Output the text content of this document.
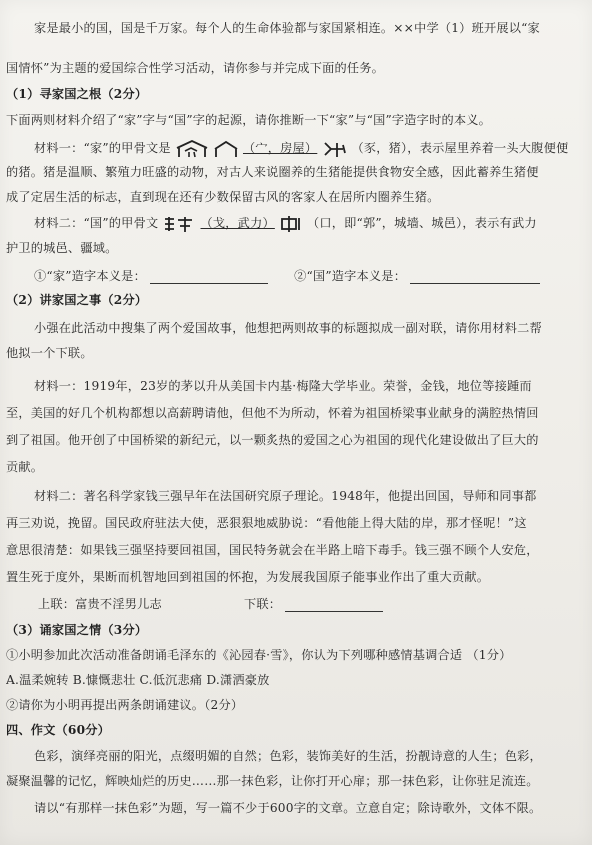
家是最小的国，国是千万家。每个人的生命体验都与家国紧相连。××中学（1）班开展以“家
国情怀”为主题的爱国综合性学习活动，请你参与并完成下面的任务。
（1）寻家国之根（2分）
下面两则材料介绍了“家”字与“国”字的起源，请你推断一下“家”与“国”字造字时的本义。
材料一：“家”的甲骨文是	（宀，房屋）	（豕，猪），表示屋里养着一头大腹便便
的猪。猪是温顺、繁殖力旺盛的动物，对古人来说圈养的生猪能提供食物安全感，因此蓄养生猪便
成了定居生活的标志，直到现在还有少数保留古风的客家人在居所内圈养生猪。
材料二：“国”的甲骨文	（戈，武力）	（口，即“郭”，城墙、城邑），表示有武力
护卫的城邑、疆域。
①“家”造字本义是：	②“国”造字本义是：
（2）讲家国之事（2分）
小强在此活动中搜集了两个爱国故事，他想把两则故事的标题拟成一副对联，请你用材料二帮
他拟一个下联。
材料一：1919年，23岁的茅以升从美国卡内基·梅隆大学毕业。荣誉，金钱，地位等接踵而
至，美国的好几个机构都想以高薪聘请他，但他不为所动，怀着为祖国桥梁事业献身的满腔热情回
到了祖国。他开创了中国桥梁的新纪元，以一颗炙热的爱国之心为祖国的现代化建设做出了巨大的
贡献。
材料二：著名科学家钱三强早年在法国研究原子理论。1948年，他提出回国，导师和同事都
再三劝说，挽留。国民政府驻法大使，恶狠狠地威胁说：“看他能上得大陆的岸，那才怪呢！”这
意思很清楚：如果钱三强坚持要回祖国，国民特务就会在半路上暗下毒手。钱三强不顾个人安危，
置生死于度外，果断而机智地回到祖国的怀抱，为发展我国原子能事业作出了重大贡献。
上联：富贵不淫男儿志	下联：
（3）诵家国之情（3分）
①小明参加此次活动准备朗诵毛泽东的《沁园春·雪》，你认为下列哪种感情基调合适 （1分）
A.温柔婉转 B.慷慨悲壮 C.低沉悲痛 D.潇洒豪放
②请你为小明再提出两条朗诵建议。（2分）
四、作文（60分）
色彩，演绎亮丽的阳光，点缀明媚的自然；色彩，装饰美好的生活，扮靓诗意的人生；色彩，
凝聚温馨的记忆，辉映灿烂的历史……那一抹色彩，让你打开心扉；那一抹色彩，让你驻足流连。
请以“有那样一抹色彩”为题，写一篇不少于600字的文章。立意自定；除诗歌外，文体不限。
